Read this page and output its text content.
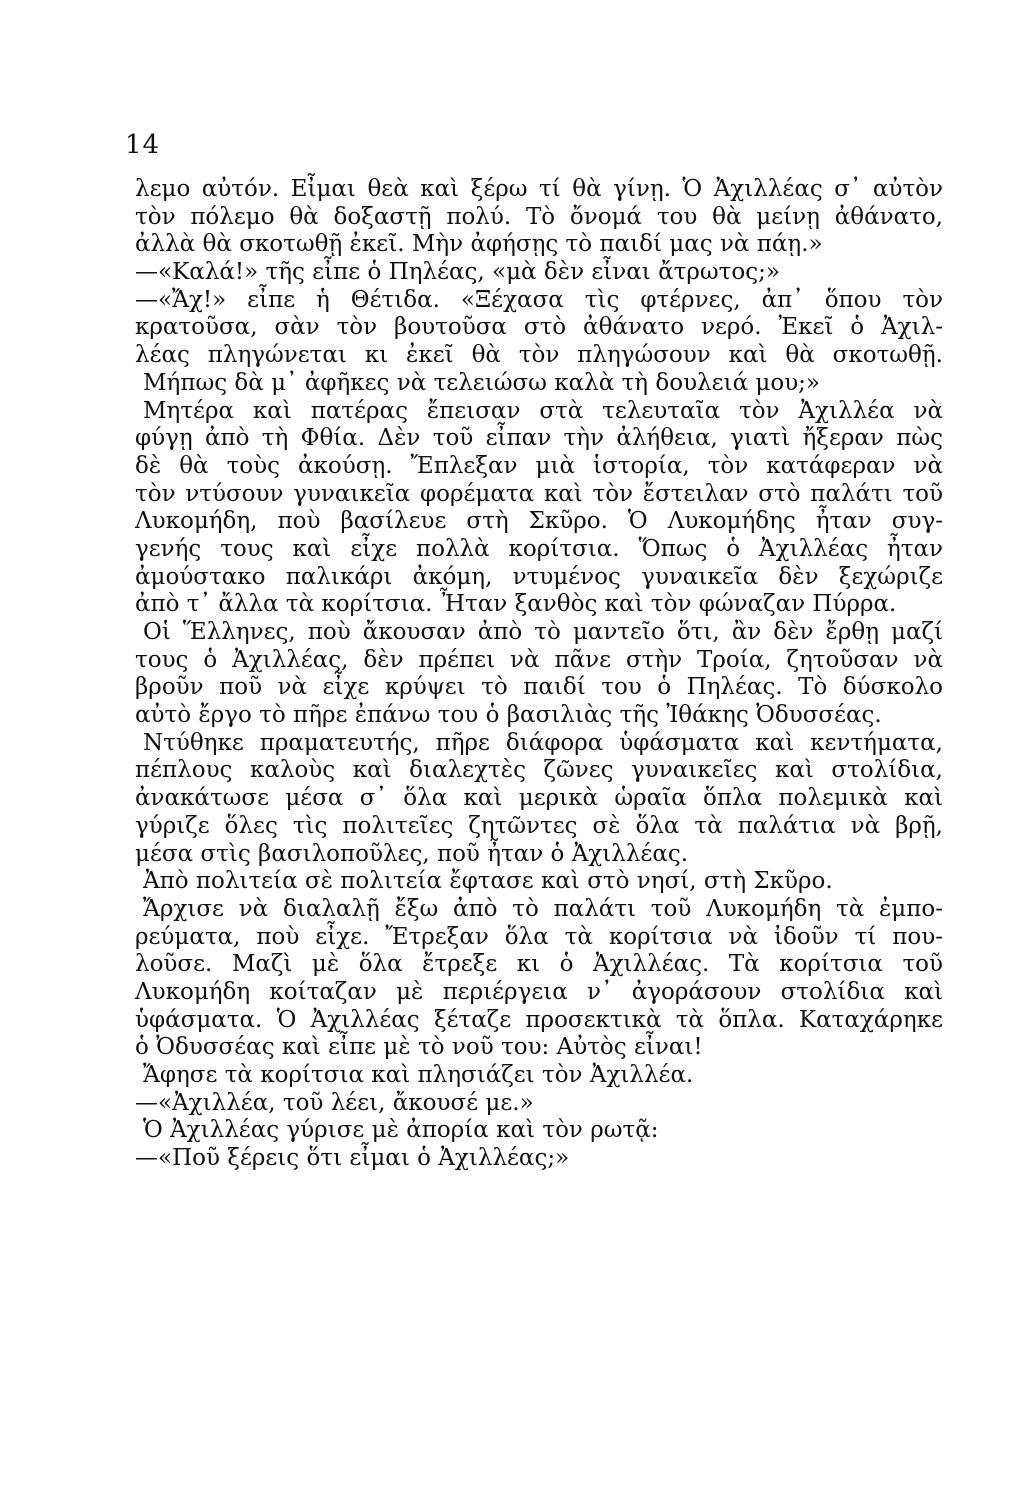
14
λεμο αὐτόν. Εἶμαι θεὰ καὶ ξέρω τί θὰ γίνῃ. Ὁ Ἀχιλλέας σ᾽ αὐτὸν
τὸν πόλεμο θὰ δοξαστῇ πολύ. Τὸ ὄνομά του θὰ μείνῃ ἀθάνατο,
ἀλλὰ θὰ σκοτωθῇ ἐκεῖ. Μὴν ἀφήσῃς τὸ παιδί μας νὰ πάῃ.»
—«Καλά!» τῆς εἶπε ὁ Πηλέας, «μὰ δὲν εἶναι ἄτρωτος;»
—«Ἄχ!» εἶπε ἡ Θέτιδα. «Ξέχασα τὶς φτέρνες, ἀπ᾽ ὅπου τὸν
κρατοῦσα, σὰν τὸν βουτοῦσα στὸ ἀθάνατο νερό. Ἐκεῖ ὁ Ἀχιλ-
λέας πληγώνεται κι ἐκεῖ θὰ τὸν πληγώσουν καὶ θὰ σκοτωθῇ.
Μήπως δὰ μ᾽ ἀφῆκες νὰ τελειώσω καλὰ τὴ δουλειά μου;»
Μητέρα καὶ πατέρας ἔπεισαν στὰ τελευταῖα τὸν Ἀχιλλέα νὰ
φύγῃ ἀπὸ τὴ Φθία. Δὲν τοῦ εἶπαν τὴν ἀλήθεια, γιατὶ ἤξεραν πὼς
δὲ θὰ τοὺς ἀκούσῃ. Ἔπλεξαν μιὰ ἱστορία, τὸν κατάφεραν νὰ
τὸν ντύσουν γυναικεῖα φορέματα καὶ τὸν ἔστειλαν στὸ παλάτι τοῦ
Λυκομήδη, ποὺ βασίλευε στὴ Σκῦρο. Ὁ Λυκομήδης ἦταν συγ-
γενής τους καὶ εἶχε πολλὰ κορίτσια. Ὅπως ὁ Ἀχιλλέας ἦταν
ἀμούστακο παλικάρι ἀκόμη, ντυμένος γυναικεῖα δὲν ξεχώριζε
ἀπὸ τ᾽ ἄλλα τὰ κορίτσια. Ἦταν ξανθὸς καὶ τὸν φώναζαν Πύρρα.
Οἱ Ἕλληνες, ποὺ ἄκουσαν ἀπὸ τὸ μαντεῖο ὅτι, ἂν δὲν ἔρθῃ μαζί
τους ὁ Ἀχιλλέας, δὲν πρέπει νὰ πᾶνε στὴν Τροία, ζητοῦσαν νὰ
βροῦν ποῦ νὰ εἶχε κρύψει τὸ παιδί του ὁ Πηλέας. Τὸ δύσκολο
αὐτὸ ἔργο τὸ πῆρε ἐπάνω του ὁ βασιλιὰς τῆς Ἰθάκης Ὀδυσσέας.
Ντύθηκε πραματευτής, πῆρε διάφορα ὑφάσματα καὶ κεντήματα,
πέπλους καλοὺς καὶ διαλεχτὲς ζῶνες γυναικεῖες καὶ στολίδια,
ἀνακάτωσε μέσα σ᾽ ὅλα καὶ μερικὰ ὡραῖα ὅπλα πολεμικὰ καὶ
γύριζε ὅλες τὶς πολιτεῖες ζητῶντες σὲ ὅλα τὰ παλάτια νὰ βρῇ,
μέσα στὶς βασιλοποῦλες, ποῦ ἦταν ὁ Ἀχιλλέας.
Ἀπὸ πολιτεία σὲ πολιτεία ἔφτασε καὶ στὸ νησί, στὴ Σκῦρο.
Ἄρχισε νὰ διαλαλῇ ἔξω ἀπὸ τὸ παλάτι τοῦ Λυκομήδη τὰ ἐμπο-
ρεύματα, ποὺ εἶχε. Ἔτρεξαν ὅλα τὰ κορίτσια νὰ ἰδοῦν τί που-
λοῦσε. Μαζὶ μὲ ὅλα ἔτρεξε κι ὁ Ἀχιλλέας. Τὰ κορίτσια τοῦ
Λυκομήδη κοίταζαν μὲ περιέργεια ν᾽ ἀγοράσουν στολίδια καὶ
ὑφάσματα. Ὁ Ἀχιλλέας ξέταζε προσεκτικὰ τὰ ὅπλα. Καταχάρηκε
ὁ Ὀδυσσέας καὶ εἶπε μὲ τὸ νοῦ του: Αὐτὸς εἶναι!
Ἄφησε τὰ κορίτσια καὶ πλησιάζει τὸν Ἀχιλλέα.
—«Ἀχιλλέα, τοῦ λέει, ἄκουσέ με.»
Ὁ Ἀχιλλέας γύρισε μὲ ἀπορία καὶ τὸν ρωτᾷ:
—«Ποῦ ξέρεις ὅτι εἶμαι ὁ Ἀχιλλέας;»
